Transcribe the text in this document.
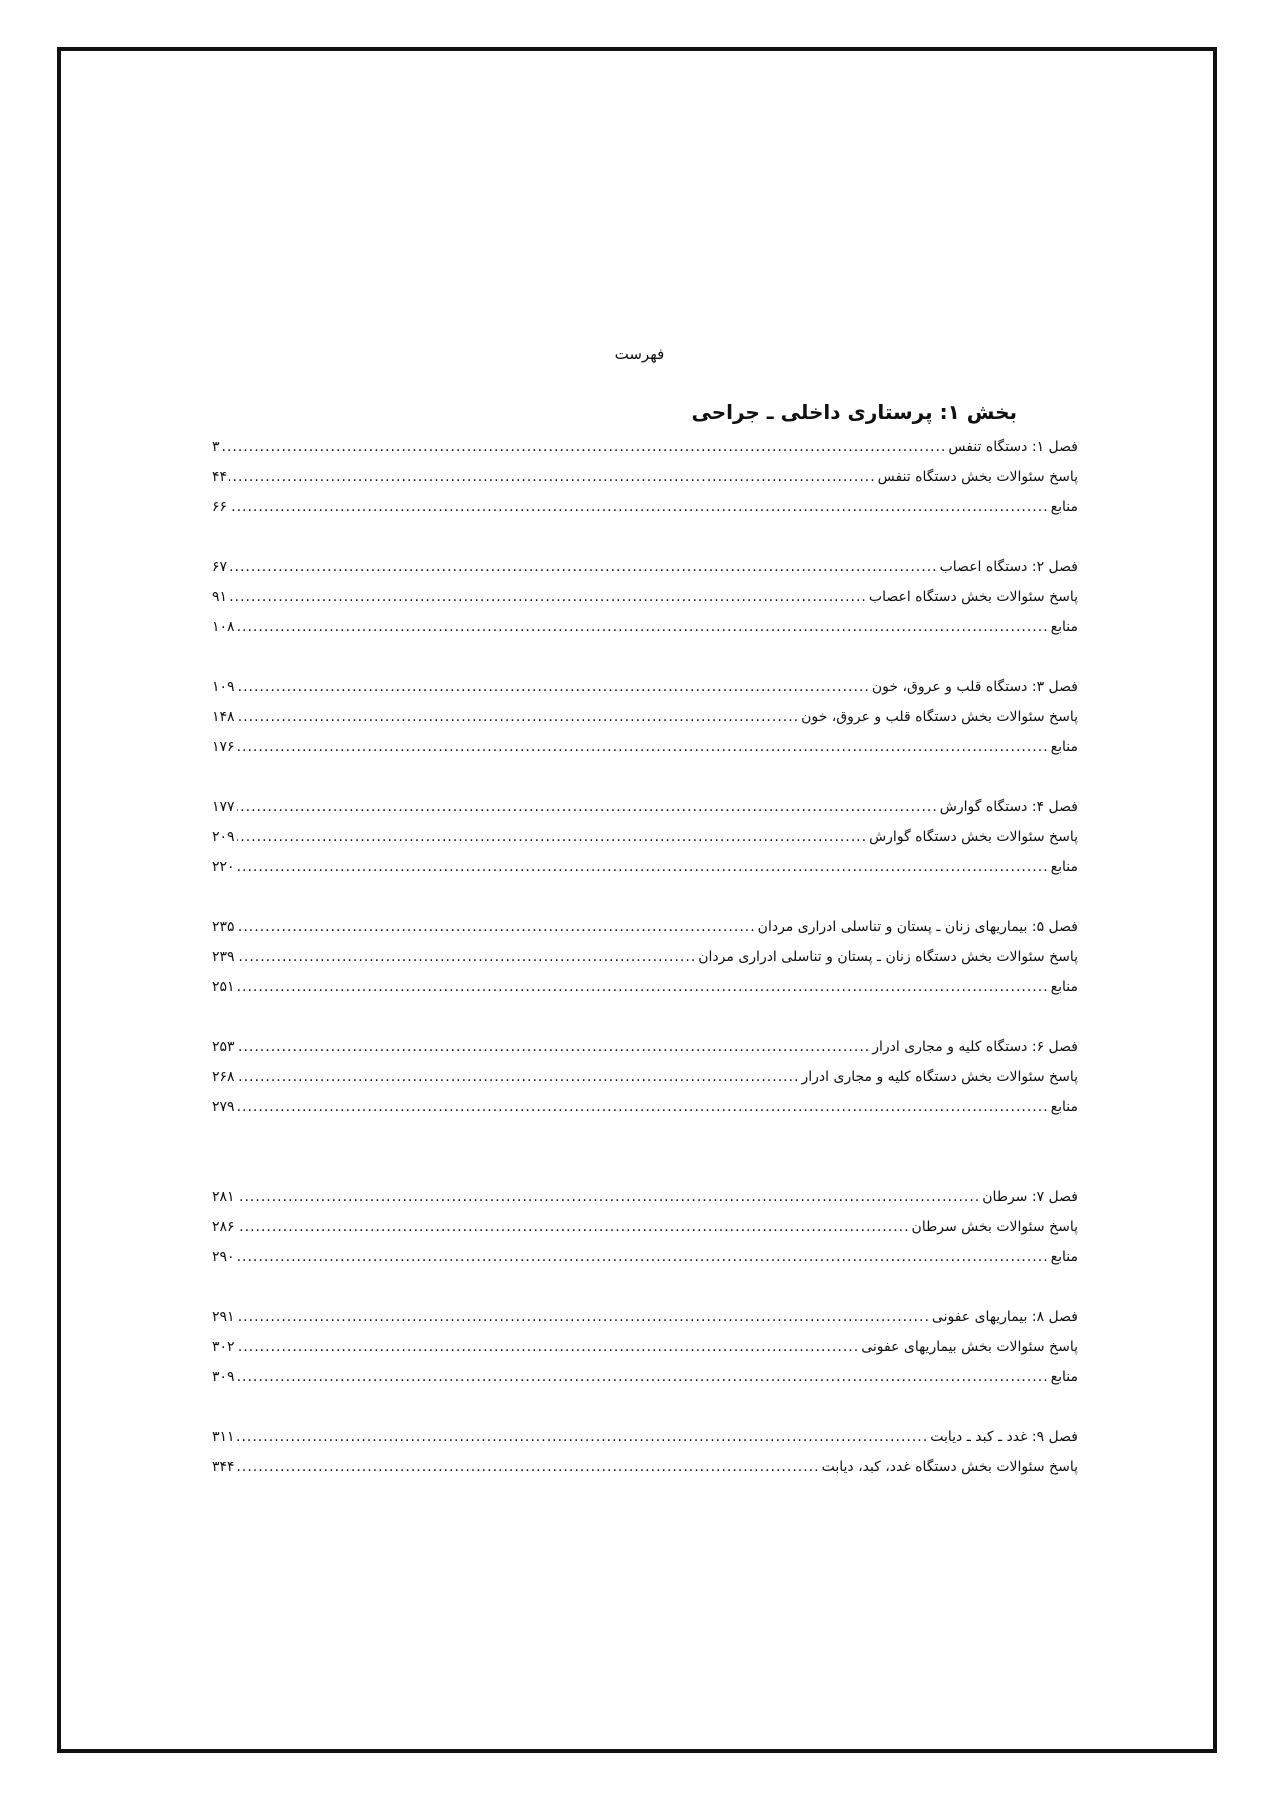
فهرست
بخش ۱: پرستاری داخلی ـ جراحی
فصل ۱: دستگاه تنفس
.....
۳
پاسخ سئوالات بخش دستگاه تنفس
.....
۴۴
منابع
.....
۶۶
فصل ۲: دستگاه اعصاب
.....
۶۷
پاسخ سئوالات بخش دستگاه اعصاب
.....
۹۱
منابع
.....
۱۰۸
فصل ۳: دستگاه قلب و عروق، خون
.....
۱۰۹
پاسخ سئوالات بخش دستگاه قلب و عروق، خون
.....
۱۴۸
منابع
.....
۱۷۶
فصل ۴: دستگاه گوارش
.....
۱۷۷
پاسخ سئوالات بخش دستگاه گوارش
.....
۲۰۹
منابع
.....
۲۲۰
فصل ۵: بیماریهای زنان ـ پستان و تناسلی ادراری مردان
.....
۲۳۵
پاسخ سئوالات بخش دستگاه زنان ـ پستان و تناسلی ادراری مردان
.....
۲۳۹
منابع
.....
۲۵۱
فصل ۶: دستگاه کلیه و مجاری ادرار
.....
۲۵۳
پاسخ سئوالات بخش دستگاه کلیه و مجاری ادرار
.....
۲۶۸
منابع
.....
۲۷۹
فصل ۷: سرطان
.....
۲۸۱
پاسخ سئوالات بخش سرطان
.....
۲۸۶
منابع
.....
۲۹۰
فصل ۸: بیماریهای عفونی
.....
۲۹۱
پاسخ سئوالات بخش بیماریهای عفونی
.....
۳۰۲
منابع
.....
۳۰۹
فصل ۹: غدد ـ کبد ـ دیابت
.....
۳۱۱
پاسخ سئوالات بخش دستگاه غدد، کبد، دیابت
.....
۳۴۴
